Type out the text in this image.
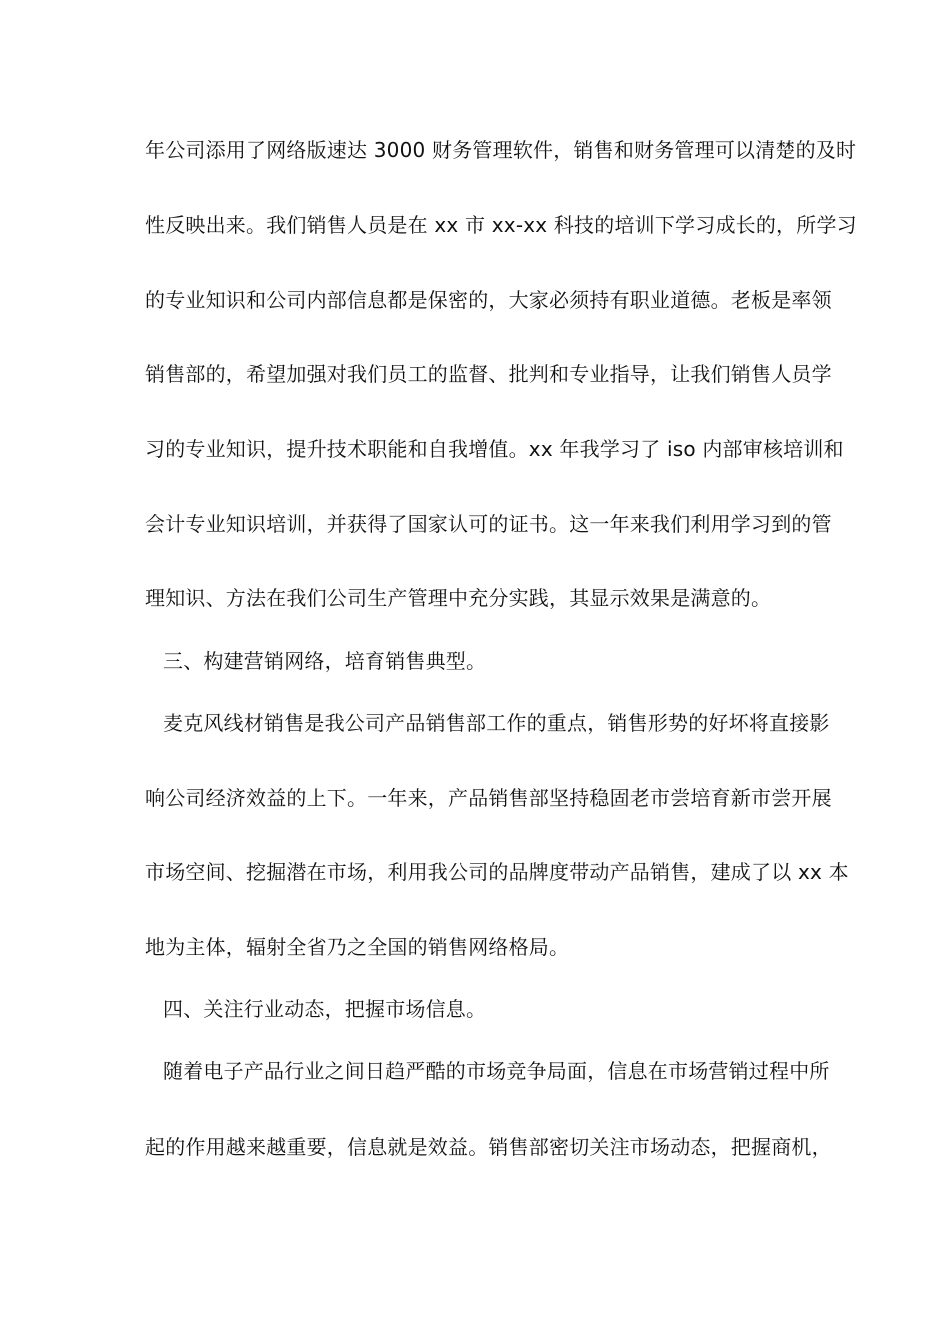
年公司添用了网络版速达 3000 财务管理软件，销售和财务管理可以清楚的及时
性反映出来。我们销售人员是在 xx 市 xx-xx 科技的培训下学习成长的，所学习
的专业知识和公司内部信息都是保密的，大家必须持有职业道德。老板是率领
销售部的，希望加强对我们员工的监督、批判和专业指导，让我们销售人员学
习的专业知识，提升技术职能和自我增值。xx 年我学习了 iso 内部审核培训和
会计专业知识培训，并获得了国家认可的证书。这一年来我们利用学习到的管
理知识、方法在我们公司生产管理中充分实践，其显示效果是满意的。
三、构建营销网络，培育销售典型。
麦克风线材销售是我公司产品销售部工作的重点，销售形势的好坏将直接影
响公司经济效益的上下。一年来，产品销售部坚持稳固老市尝培育新市尝开展
市场空间、挖掘潜在市场，利用我公司的品牌度带动产品销售，建成了以 xx 本
地为主体，辐射全省乃之全国的销售网络格局。
四、关注行业动态，把握市场信息。
随着电子产品行业之间日趋严酷的市场竞争局面，信息在市场营销过程中所
起的作用越来越重要，信息就是效益。销售部密切关注市场动态，把握商机，
